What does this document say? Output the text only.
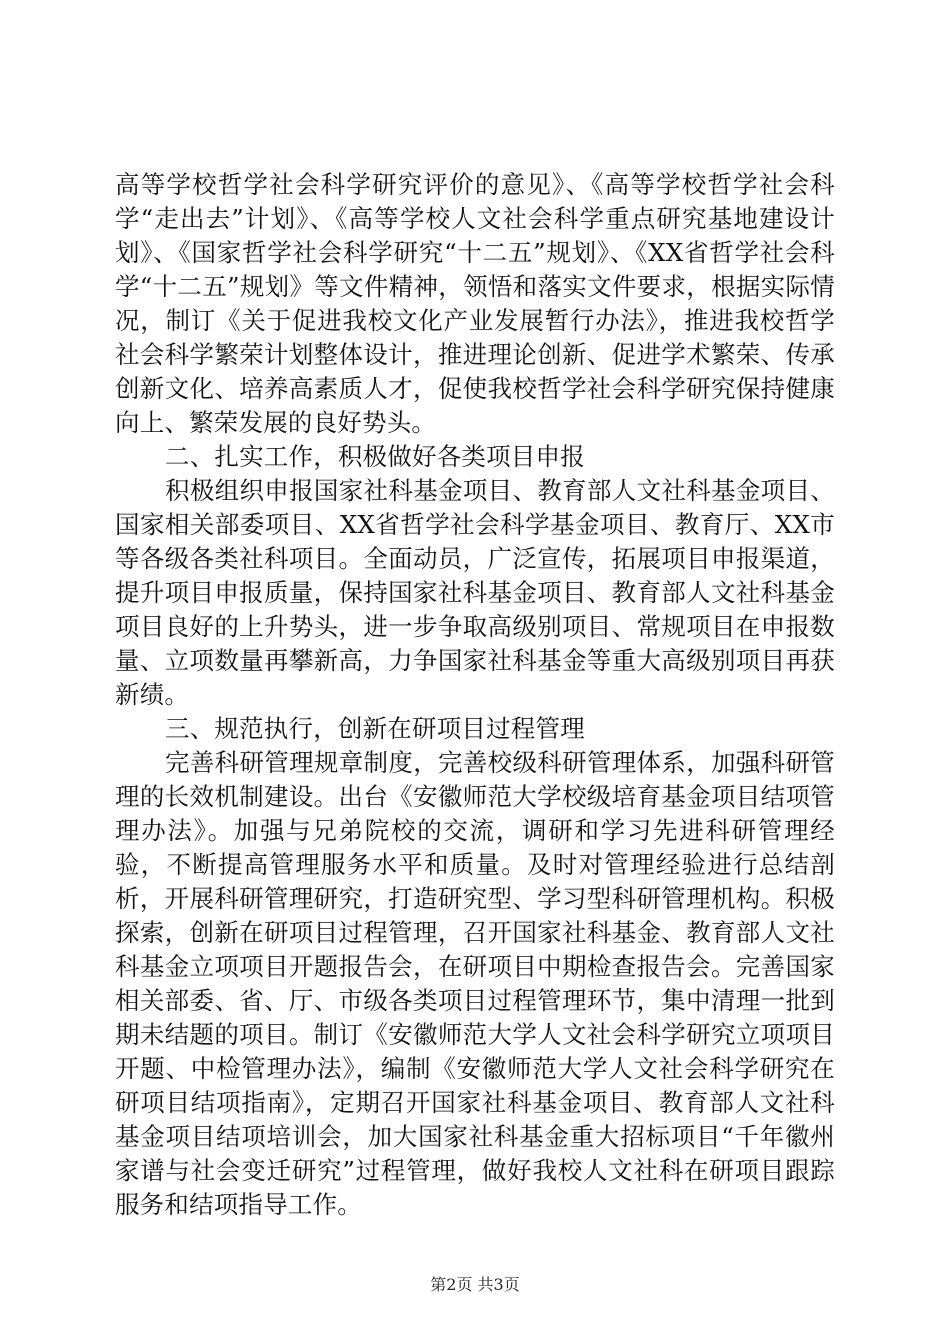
高等学校哲学社会科学研究评价的意见》、《高等学校哲学社会科学“走出去”计划》、《高等学校人文社会科学重点研究基地建设计划》、《国家哲学社会科学研究“十二五”规划》、《XX省哲学社会科学“十二五”规划》等文件精神，领悟和落实文件要求，根据实际情况，制订《关于促进我校文化产业发展暂行办法》，推进我校哲学社会科学繁荣计划整体设计，推进理论创新、促进学术繁荣、传承创新文化、培养高素质人才，促使我校哲学社会科学研究保持健康向上、繁荣发展的良好势头。

二、扎实工作，积极做好各类项目申报

积极组织申报国家社科基金项目、教育部人文社科基金项目、国家相关部委项目、XX省哲学社会科学基金项目、教育厅、XX市等各级各类社科项目。全面动员，广泛宣传，拓展项目申报渠道，提升项目申报质量，保持国家社科基金项目、教育部人文社科基金项目良好的上升势头，进一步争取高级别项目、常规项目在申报数量、立项数量再攀新高，力争国家社科基金等重大高级别项目再获新绩。

三、规范执行，创新在研项目过程管理

完善科研管理规章制度，完善校级科研管理体系，加强科研管理的长效机制建设。出台《安徽师范大学校级培育基金项目结项管理办法》。加强与兄弟院校的交流，调研和学习先进科研管理经验，不断提高管理服务水平和质量。及时对管理经验进行总结剖析，开展科研管理研究，打造研究型、学习型科研管理机构。积极探索，创新在研项目过程管理，召开国家社科基金、教育部人文社科基金立项项目开题报告会，在研项目中期检查报告会。完善国家相关部委、省、厅、市级各类项目过程管理环节，集中清理一批到期未结题的项目。制订《安徽师范大学人文社会科学研究立项项目开题、中检管理办法》，编制《安徽师范大学人文社会科学研究在研项目结项指南》，定期召开国家社科基金项目、教育部人文社科基金项目结项培训会，加大国家社科基金重大招标项目“千年徽州家谱与社会变迁研究”过程管理，做好我校人文社科在研项目跟踪服务和结项指导工作。

第2页 共3页
